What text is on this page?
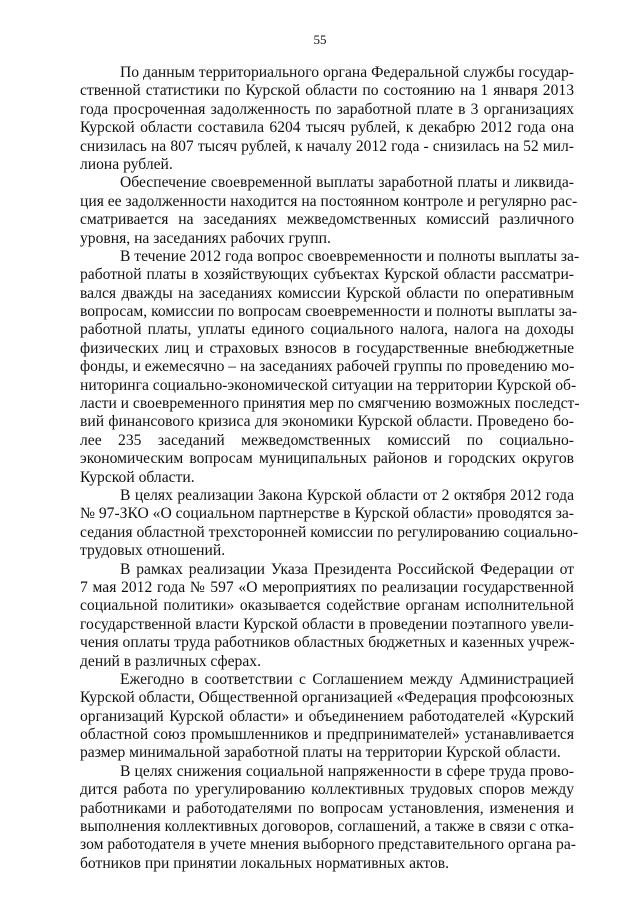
55
По данным территориального органа Федеральной службы государ-
ственной статистики по Курской области по состоянию на 1 января 2013
года просроченная задолженность по заработной плате в 3 организациях
Курской области составила 6204 тысяч рублей, к декабрю 2012 года она
снизилась на 807 тысяч рублей, к началу 2012 года - снизилась на 52 мил-
лиона рублей.
Обеспечение своевременной выплаты заработной платы и ликвида-
ция ее задолженности находится на постоянном контроле и регулярно рас-
сматривается на заседаниях межведомственных комиссий различного
уровня, на заседаниях рабочих групп.
В течение 2012 года вопрос своевременности и полноты выплаты за-
работной платы в хозяйствующих субъектах Курской области рассматри-
вался дважды на заседаниях комиссии Курской области по оперативным
вопросам, комиссии по вопросам своевременности и полноты выплаты за-
работной платы, уплаты единого социального налога, налога на доходы
физических лиц и страховых взносов в государственные внебюджетные
фонды, и ежемесячно – на заседаниях рабочей группы по проведению мо-
ниторинга социально-экономической ситуации на территории Курской об-
ласти и своевременного принятия мер по смягчению возможных последст-
вий финансового кризиса для экономики Курской области. Проведено бо-
лее 235 заседаний межведомственных комиссий по социально-
экономическим вопросам муниципальных районов и городских округов
Курской области.
В целях реализации Закона Курской области от 2 октября 2012 года
№ 97-ЗКО «О социальном партнерстве в Курской области» проводятся за-
седания областной трехсторонней комиссии по регулированию социально-
трудовых отношений.
В рамках реализации Указа Президента Российской Федерации от
7 мая 2012 года № 597 «О мероприятиях по реализации государственной
социальной политики» оказывается содействие органам исполнительной
государственной власти Курской области в проведении поэтапного увели-
чения оплаты труда работников областных бюджетных и казенных учреж-
дений в различных сферах.
Ежегодно в соответствии с Соглашением между Администрацией
Курской области, Общественной организацией «Федерация профсоюзных
организаций Курской области» и объединением работодателей «Курский
областной союз промышленников и предпринимателей» устанавливается
размер минимальной заработной платы на территории Курской области.
В целях снижения социальной напряженности в сфере труда прово-
дится работа по урегулированию коллективных трудовых споров между
работниками и работодателями по вопросам установления, изменения и
выполнения коллективных договоров, соглашений, а также в связи с отка-
зом работодателя в учете мнения выборного представительного органа ра-
ботников при принятии локальных нормативных актов.
